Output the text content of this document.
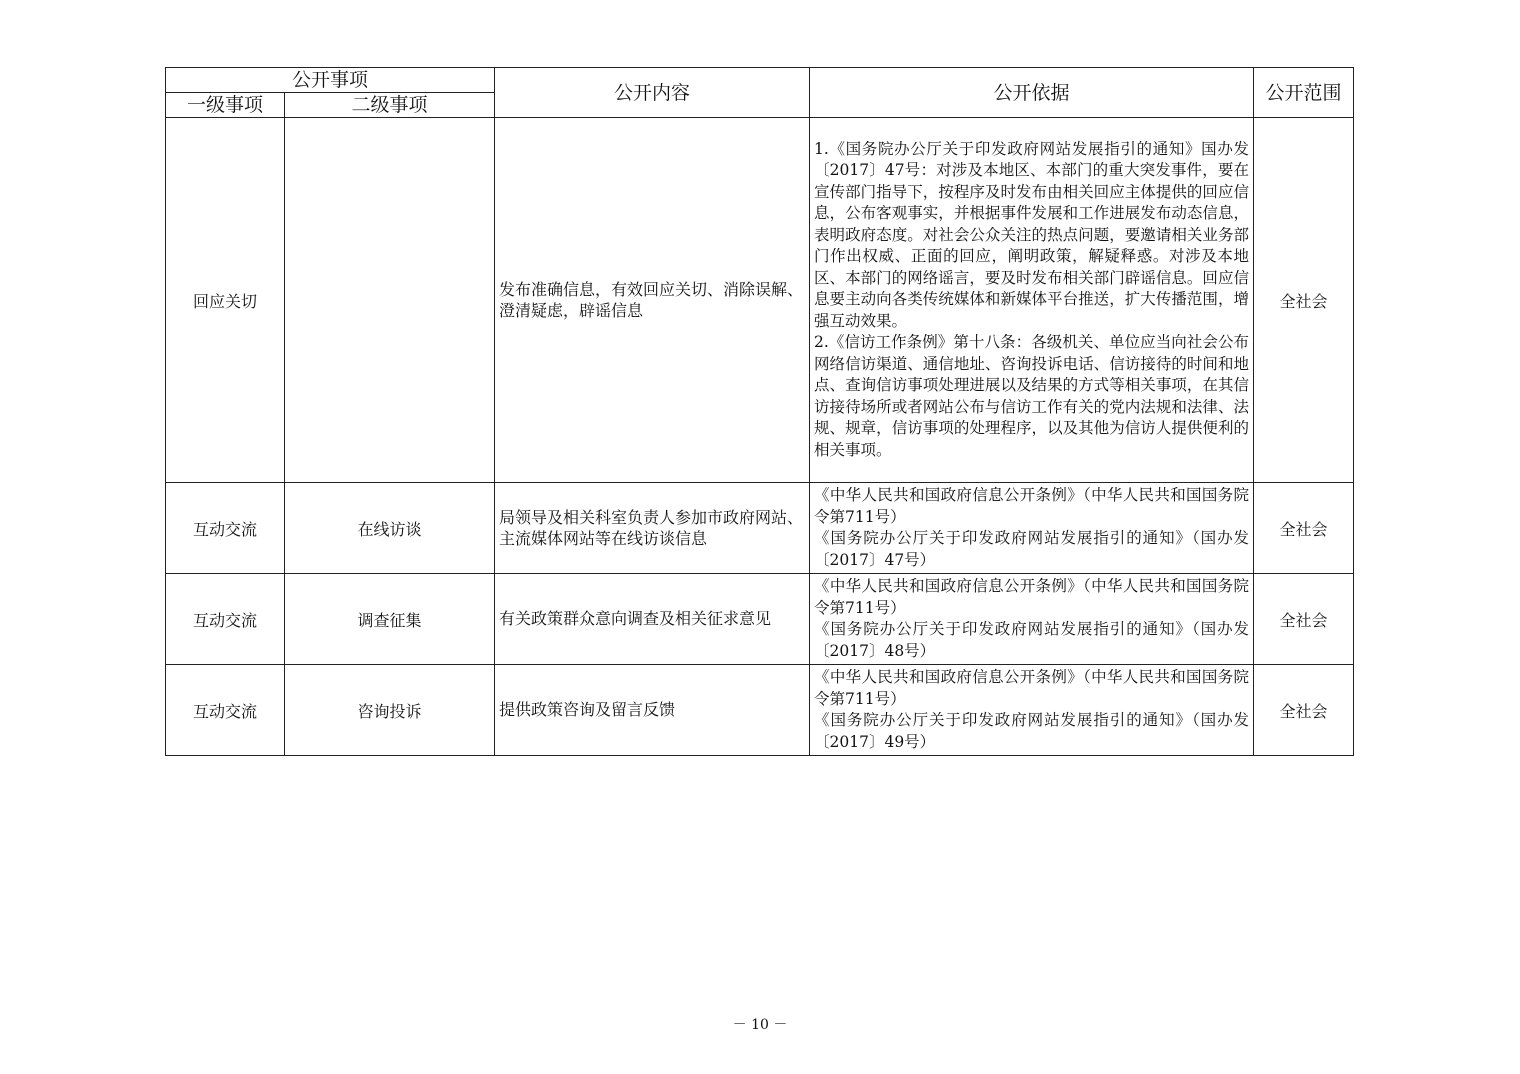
公开事项		公开内容	公开依据	公开范围
一级事项	二级事项			
回应关切		发布准确信息，有效回应关切、消除误解、澄清疑虑，辟谣信息	1.《国务院办公厅关于印发政府网站发展指引的通知》国办发〔2017〕47号：对涉及本地区、本部门的重大突发事件，要在宣传部门指导下，按程序及时发布由相关回应主体提供的回应信息，公布客观事实，并根据事件发展和工作进展发布动态信息，表明政府态度。对社会公众关注的热点问题，要邀请相关业务部门作出权威、正面的回应，阐明政策，解疑释惑。对涉及本地区、本部门的网络谣言，要及时发布相关部门辟谣信息。回应信息要主动向各类传统媒体和新媒体平台推送，扩大传播范围，增强互动效果。

2.《信访工作条例》第十八条：各级机关、单位应当向社会公布网络信访渠道、通信地址、咨询投诉电话、信访接待的时间和地点、查询信访事项处理进展以及结果的方式等相关事项，在其信访接待场所或者网站公布与信访工作有关的党内法规和法律、法规、规章，信访事项的处理程序，以及其他为信访人提供便利的相关事项。	全社会
互动交流	在线访谈	局领导及相关科室负责人参加市政府网站、主流媒体网站等在线访谈信息	《中华人民共和国政府信息公开条例》（中华人民共和国国务院令第711号）

《国务院办公厅关于印发政府网站发展指引的通知》（国办发〔2017〕47号）	全社会
互动交流	调查征集	有关政策群众意向调查及相关征求意见	《中华人民共和国政府信息公开条例》（中华人民共和国国务院令第711号）

《国务院办公厅关于印发政府网站发展指引的通知》（国办发〔2017〕48号）	全社会
互动交流	咨询投诉	提供政策咨询及留言反馈	《中华人民共和国政府信息公开条例》（中华人民共和国国务院令第711号）

《国务院办公厅关于印发政府网站发展指引的通知》（国办发〔2017〕49号）	全社会
－ 10 －
